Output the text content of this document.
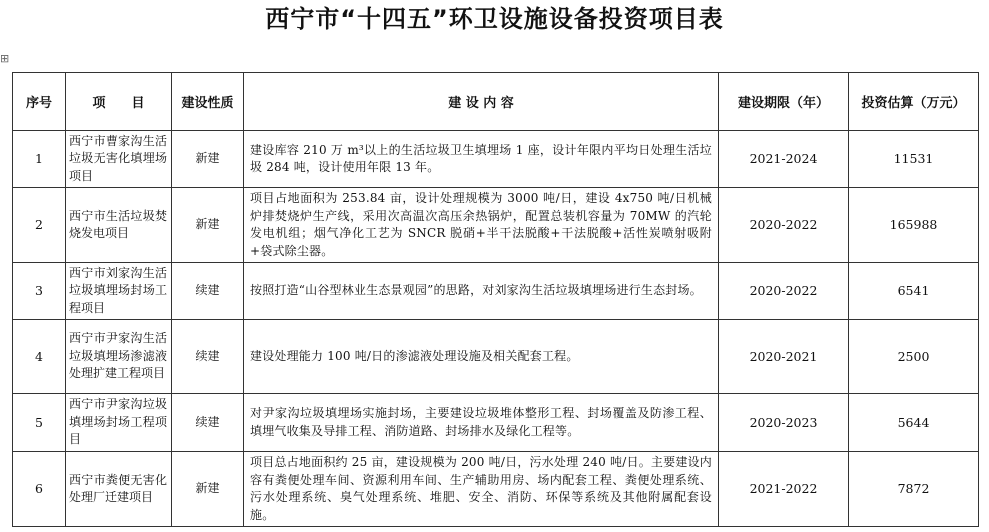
西宁市“十四五”环卫设施设备投资项目表
⊞
序号	项　　目	建设性质	建 设 内 容	建设期限（年）	投资估算（万元）
1	西宁市曹家沟生活垃圾无害化填埋场项目	新建	建设库容 210 万 m³以上的生活垃圾卫生填埋场 1 座，设计年限内平均日处理生活垃圾 284 吨，设计使用年限 13 年。	2021-2024	11531
2	西宁市生活垃圾焚烧发电项目	新建	项目占地面积为 253.84 亩，设计处理规模为 3000 吨/日，建设 4x750 吨/日机械炉排焚烧炉生产线，采用次高温次高压余热锅炉，配置总装机容量为 70MW 的汽轮发电机组；烟气净化工艺为 SNCR 脱硝+半干法脱酸+干法脱酸+活性炭喷射吸附+袋式除尘器。	2020-2022	165988
3	西宁市刘家沟生活垃圾填埋场封场工程项目	续建	按照打造“山谷型林业生态景观园”的思路，对刘家沟生活垃圾填埋场进行生态封场。	2020-2022	6541
4	西宁市尹家沟生活垃圾填埋场渗滤液处理扩建工程项目	续建	建设处理能力 100 吨/日的渗滤液处理设施及相关配套工程。	2020-2021	2500
5	西宁市尹家沟垃圾填埋场封场工程项目	续建	对尹家沟垃圾填埋场实施封场，主要建设垃圾堆体整形工程、封场覆盖及防渗工程、填埋气收集及导排工程、消防道路、封场排水及绿化工程等。	2020-2023	5644
6	西宁市粪便无害化处理厂迁建项目	新建	项目总占地面积约 25 亩，建设规模为 200 吨/日，污水处理 240 吨/日。主要建设内容有粪便处理车间、资源利用车间、生产辅助用房、场内配套工程、粪便处理系统、污水处理系统、臭气处理系统、堆肥、安全、消防、环保等系统及其他附属配套设施。	2021-2022	7872
